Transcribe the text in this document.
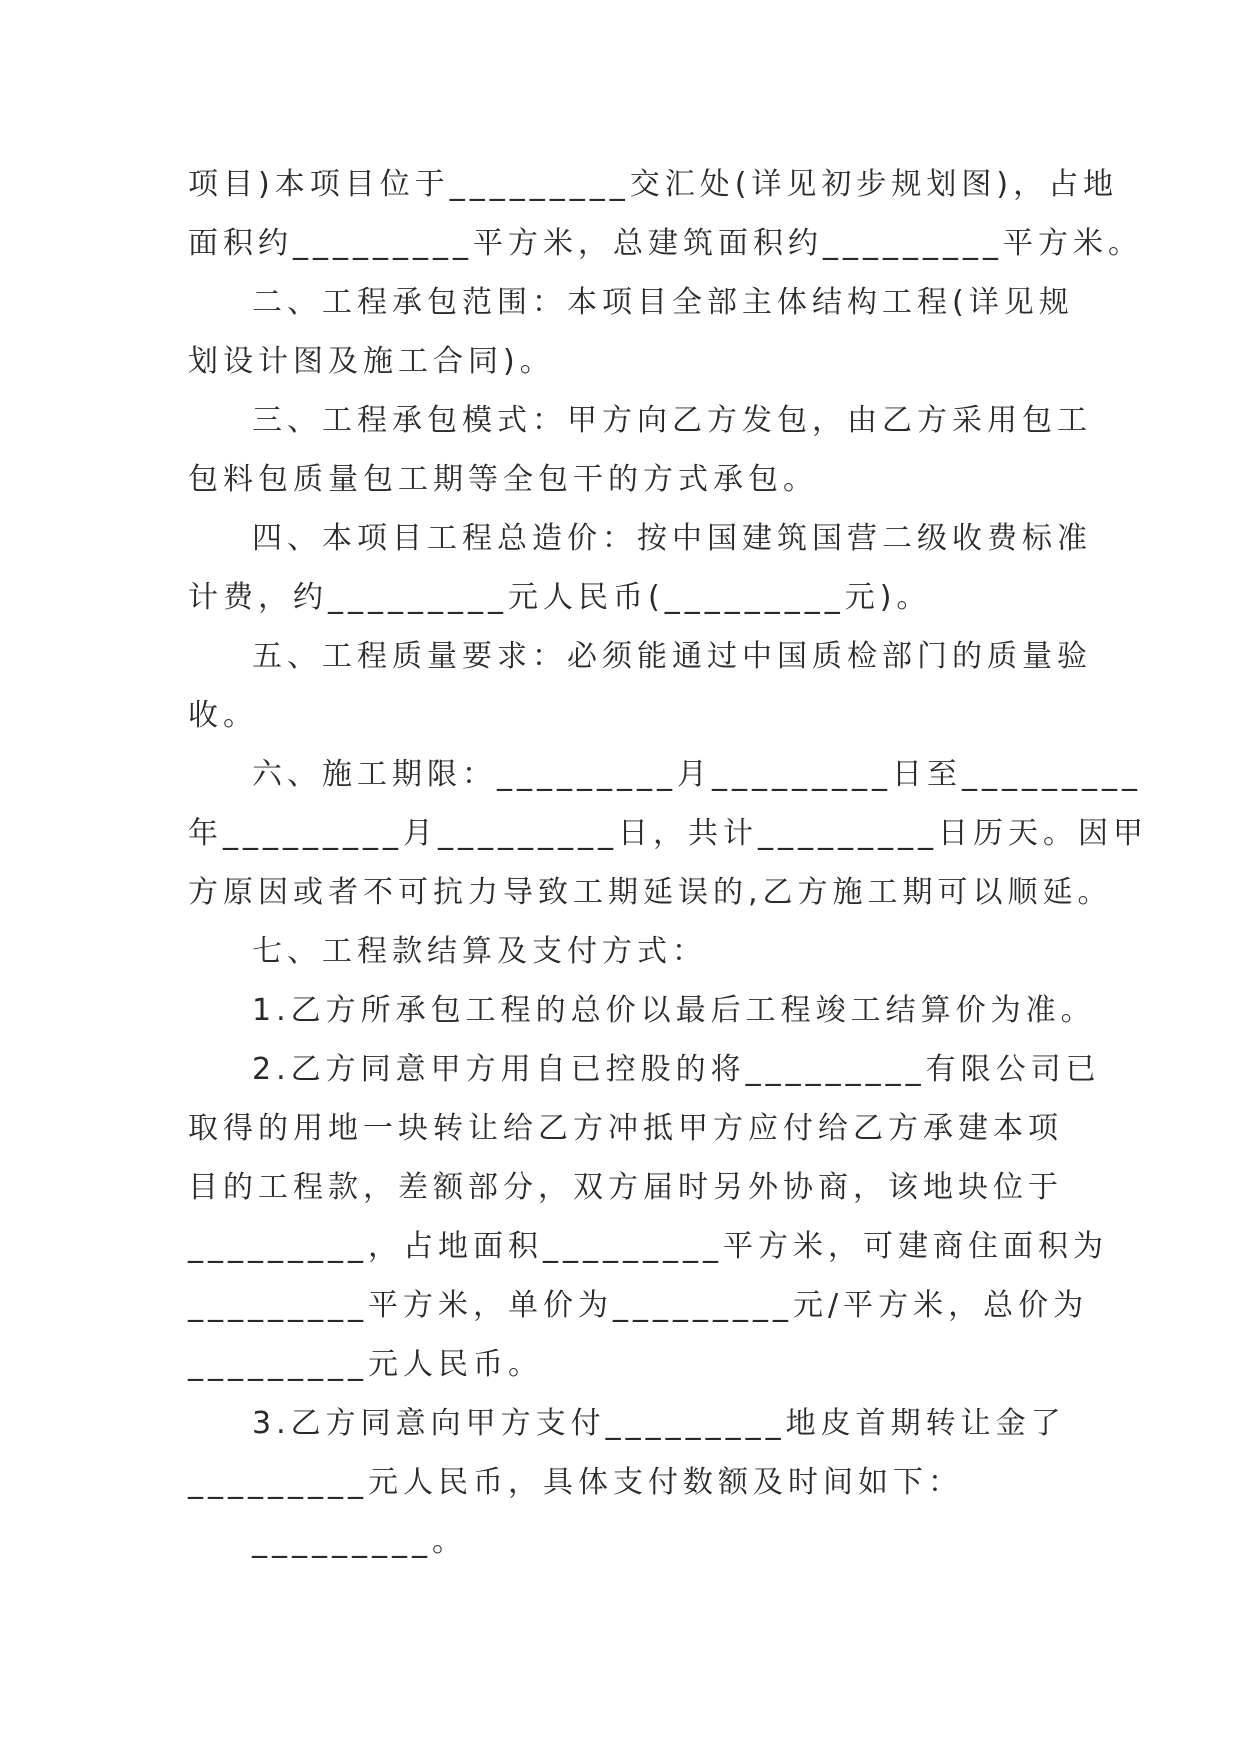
项目)本项目位于_________交汇处(详见初步规划图)，占地
面积约_________平方米，总建筑面积约_________平方米。
二、工程承包范围：本项目全部主体结构工程(详见规
划设计图及施工合同)。
三、工程承包模式：甲方向乙方发包，由乙方采用包工
包料包质量包工期等全包干的方式承包。
四、本项目工程总造价：按中国建筑国营二级收费标准
计费，约_________元人民币(_________元)。
五、工程质量要求：必须能通过中国质检部门的质量验
收。
六、施工期限：_________月_________日至_________
年_________月_________日，共计_________日历天。因甲
方原因或者不可抗力导致工期延误的,乙方施工期可以顺延。
七、工程款结算及支付方式：
1.乙方所承包工程的总价以最后工程竣工结算价为准。
2.乙方同意甲方用自已控股的将_________有限公司已
取得的用地一块转让给乙方冲抵甲方应付给乙方承建本项
目的工程款，差额部分，双方届时另外协商，该地块位于
_________，占地面积_________平方米，可建商住面积为
_________平方米，单价为_________元/平方米，总价为
_________元人民币。
3.乙方同意向甲方支付_________地皮首期转让金了
_________元人民币，具体支付数额及时间如下：
_________。
